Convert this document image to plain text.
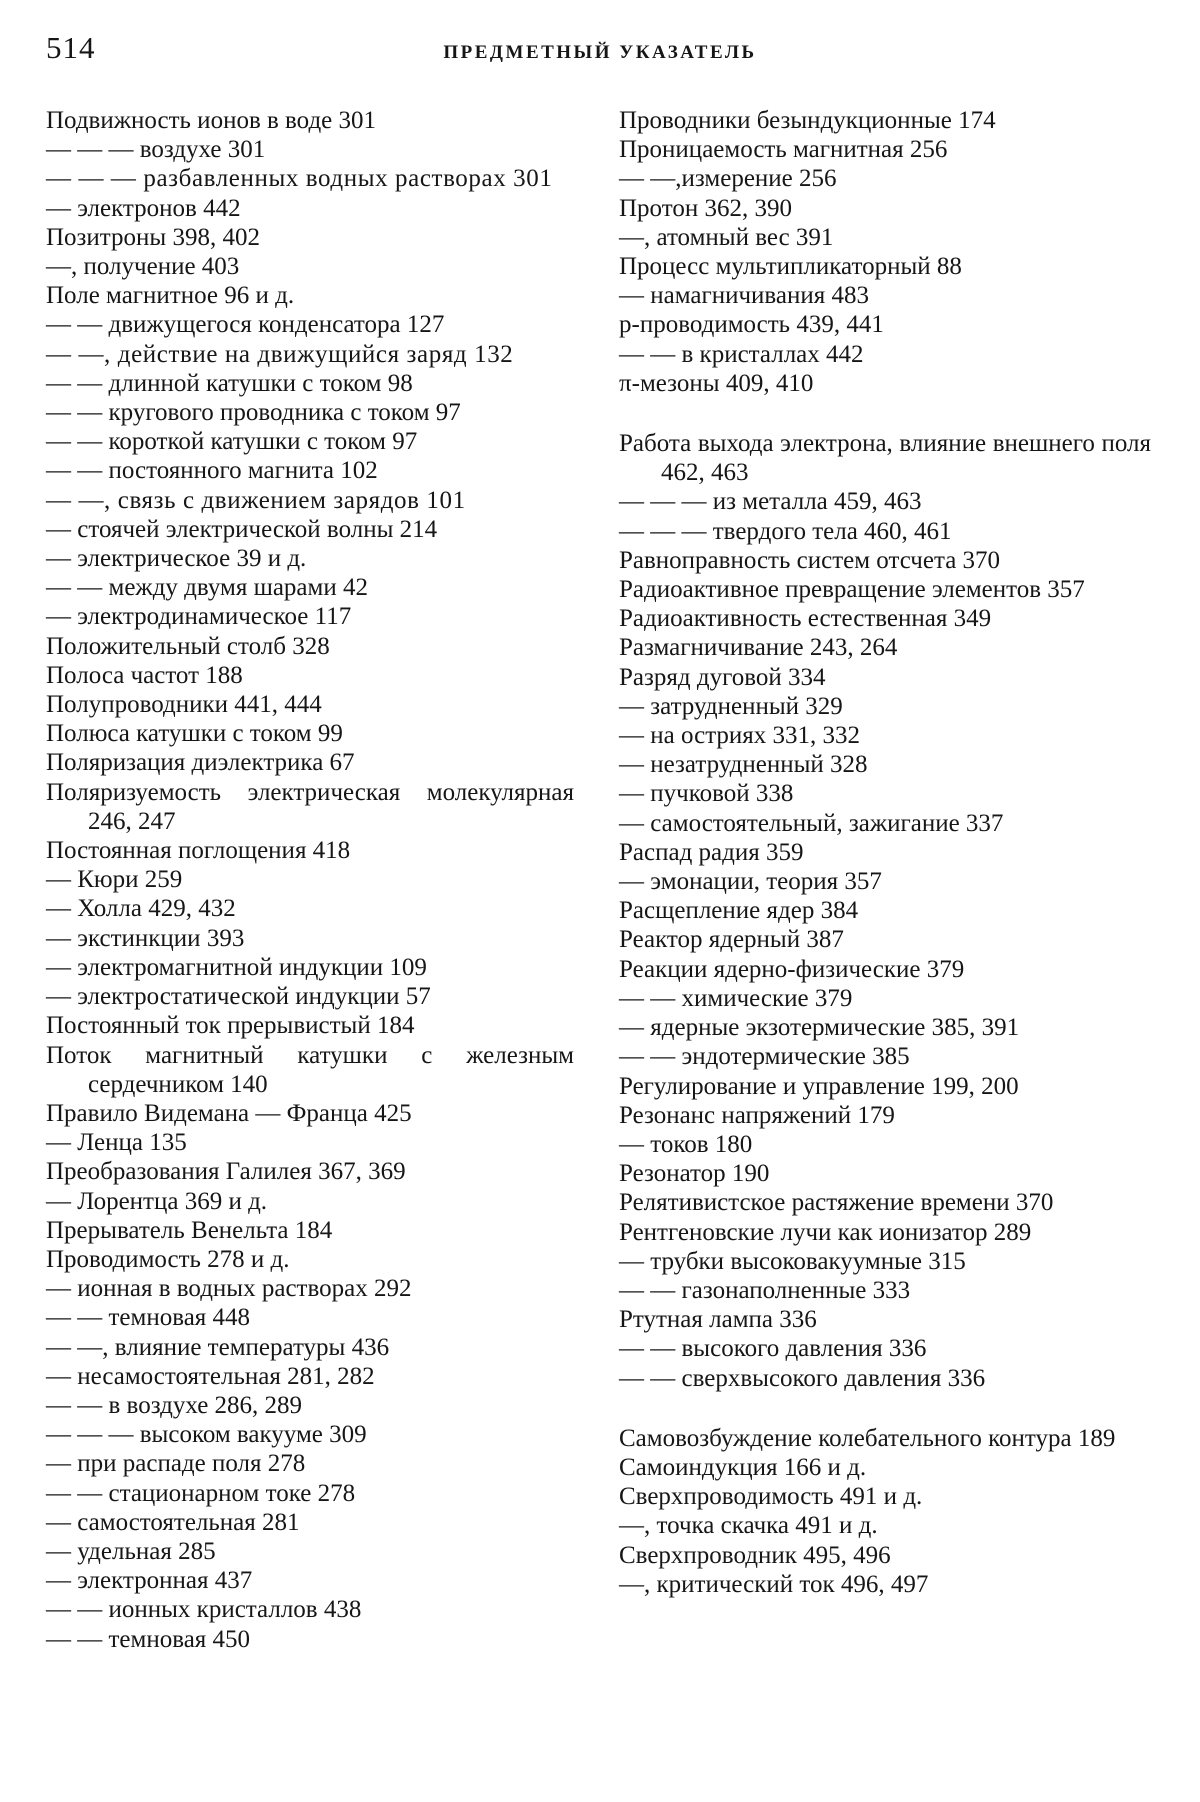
514	ПРЕДМЕТНЫЙ УКАЗАТЕЛЬ
Подвижность ионов в воде 301
— — — воздухе 301
— — — разбавленных водных растворах 301
— электронов 442
Позитроны 398, 402
—, получение 403
Поле магнитное 96 и д.
— — движущегося конденсатора 127
— —, действие на движущийся заряд 132
— — длинной катушки с током 98
— — кругового проводника с током 97
— — короткой катушки с током 97
— — постоянного магнита 102
— —, связь с движением зарядов 101
— стоячей электрической волны 214
— электрическое 39 и д.
— — между двумя шарами 42
— электродинамическое 117
Положительный столб 328
Полоса частот 188
Полупроводники 441, 444
Полюса катушки с током 99
Поляризация диэлектрика 67
Поляризуемость электрическая молекулярная 246, 247
Постоянная поглощения 418
— Кюри 259
— Холла 429, 432
— экстинкции 393
— электромагнитной индукции 109
— электростатической индукции 57
Постоянный ток прерывистый 184
Поток магнитный катушки с железным сердечником 140
Правило Видемана — Франца 425
— Ленца 135
Преобразования Галилея 367, 369
— Лорентца 369 и д.
Прерыватель Венельта 184
Проводимость 278 и д.
— ионная в водных растворах 292
— — темновая 448
— —, влияние температуры 436
— несамостоятельная 281, 282
— — в воздухе 286, 289
— — — высоком вакууме 309
— при распаде поля 278
— — стационарном токе 278
— самостоятельная 281
— удельная 285
— электронная 437
— — ионных кристаллов 438
— — темновая 450
Проводники безындукционные 174
Проницаемость магнитная 256
— —,измерение 256
Протон 362, 390
—, атомный вес 391
Процесс мультипликаторный 88
— намагничивания 483
p-проводимость 439, 441
— — в кристаллах 442
π-мезоны 409, 410
Работа выхода электрона, влияние внешнего поля 462, 463
— — — из металла 459, 463
— — — твердого тела 460, 461
Равноправность систем отсчета 370
Радиоактивное превращение элементов 357
Радиоактивность естественная 349
Размагничивание 243, 264
Разряд дуговой 334
— затрудненный 329
— на остриях 331, 332
— незатрудненный 328
— пучковой 338
— самостоятельный, зажигание 337
Распад радия 359
— эмонации, теория 357
Расщепление ядер 384
Реактор ядерный 387
Реакции ядерно-физические 379
— — химические 379
— ядерные экзотермические 385, 391
— — эндотермические 385
Регулирование и управление 199, 200
Резонанс напряжений 179
— токов 180
Резонатор 190
Релятивистское растяжение времени 370
Рентгеновские лучи как ионизатор 289
— трубки высоковакуумные 315
— — газонаполненные 333
Ртутная лампа 336
— — высокого давления 336
— — сверхвысокого давления 336
Самовозбуждение колебательного контура 189
Самоиндукция 166 и д.
Сверхпроводимость 491 и д.
—, точка скачка 491 и д.
Сверхпроводник 495, 496
—, критический ток 496, 497
